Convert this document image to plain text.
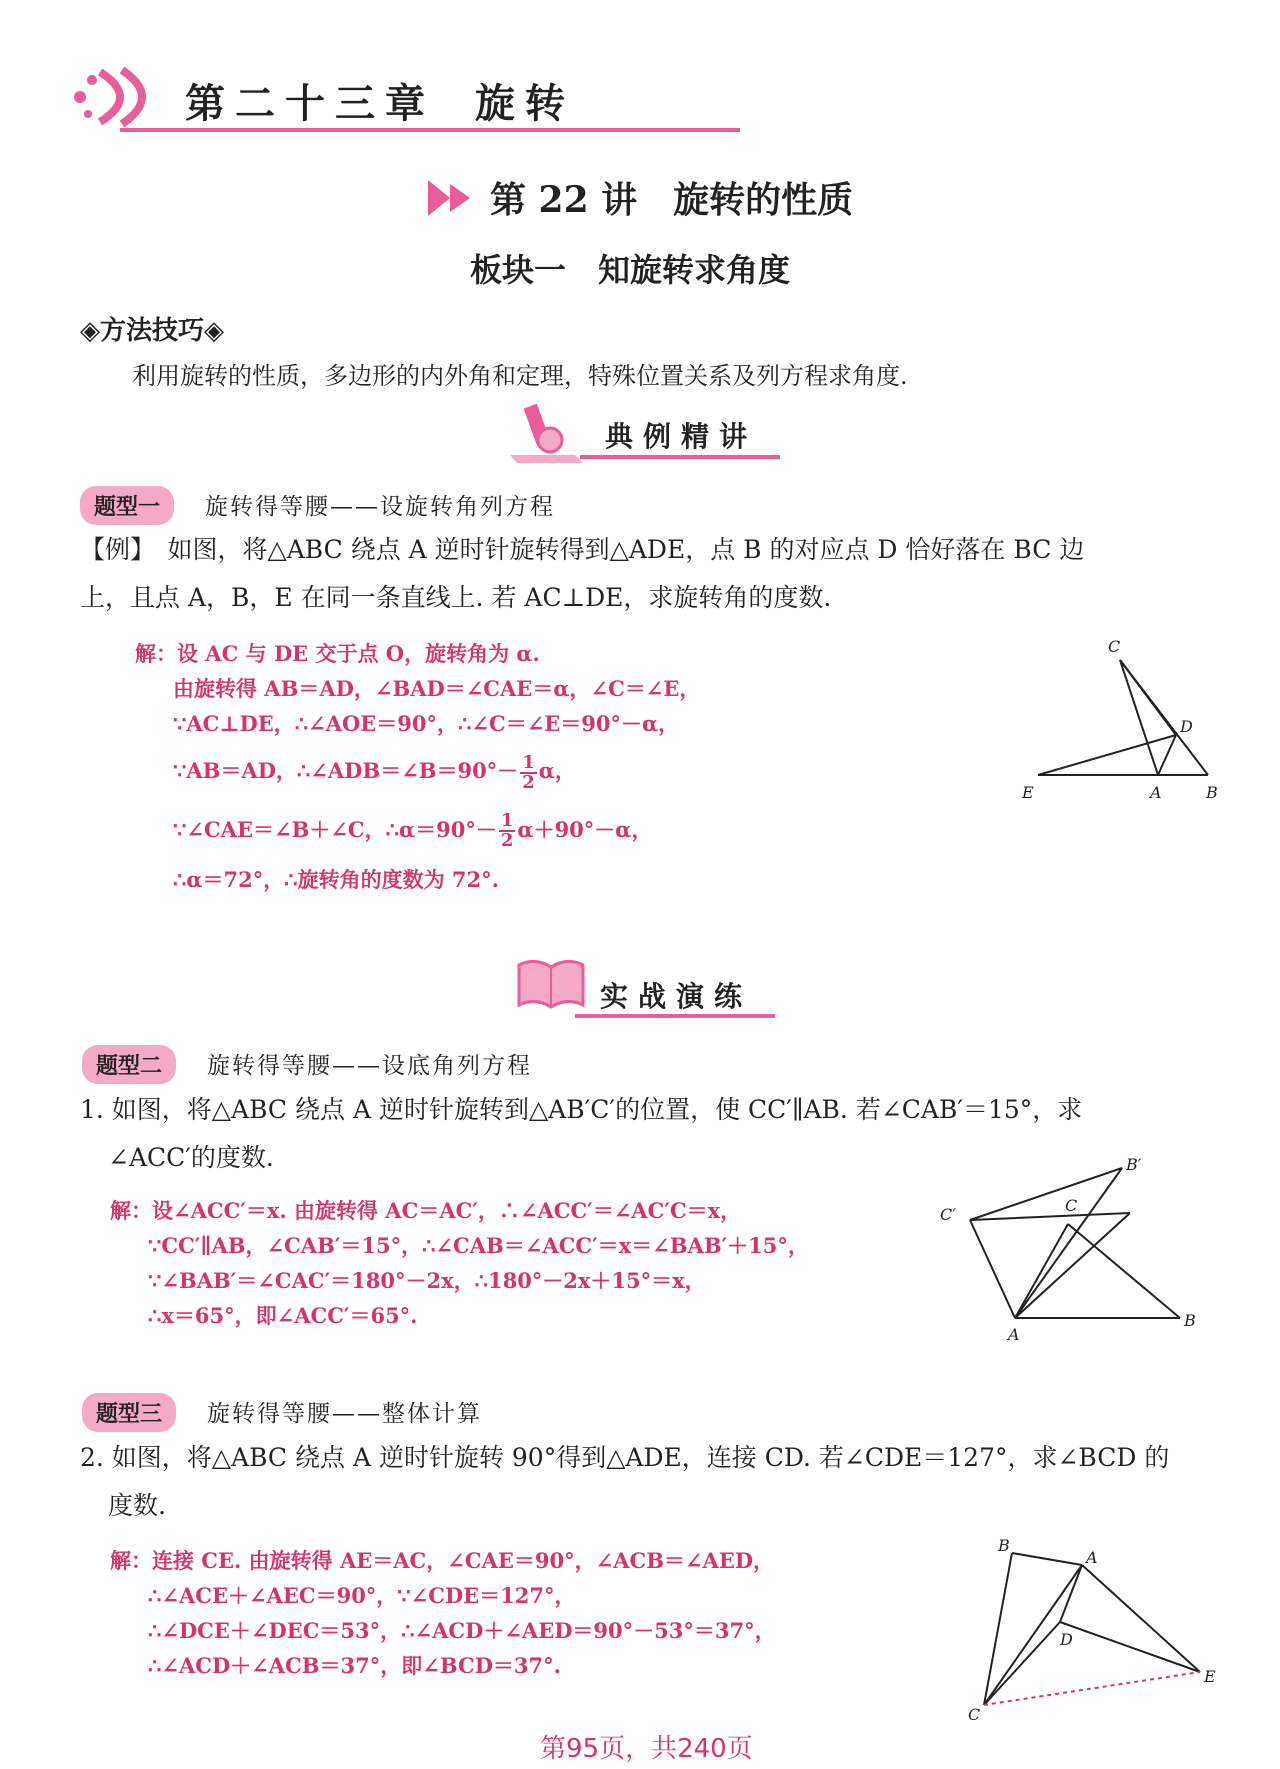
第二十三章 旋转
第 22 讲　旋转的性质
板块一　知旋转求角度
◈方法技巧◈
利用旋转的性质，多边形的内外角和定理，特殊位置关系及列方程求角度.
典例精讲
题型一	旋转得等腰——设旋转角列方程
【例】　如图，将△ABC 绕点 A 逆时针旋转得到△ADE，点 B 的对应点 D 恰好落在 BC 边
上，且点 A，B，E 在同一条直线上. 若 AC⊥DE，求旋转角的度数.
解：设 AC 与 DE 交于点 O，旋转角为 α.
由旋转得 AB＝AD，∠BAD＝∠CAE＝α，∠C＝∠E，
∵AC⊥DE，∴∠AOE＝90°，∴∠C＝∠E＝90°－α，
∵AB＝AD，∴∠ADB＝∠B＝90°－ $\frac{1}{2}$ α，
∵∠CAE＝∠B＋∠C，∴α＝90°－ $\frac{1}{2} \alpha+90^\circ-\alpha$，
∴α＝72°，∴旋转角的度数为 72°.
C
D
E	A	B
实战演练
题型二	旋转得等腰——设底角列方程
1. 如图，将△ABC 绕点 A 逆时针旋转到△AB′C′的位置，使 CC′∥AB. 若∠CAB′＝15°，求
∠ACC′的度数.
解：设∠ACC′＝x. 由旋转得 AC＝AC′，∴∠ACC′＝∠AC′C＝x，
∵CC′∥AB，∠CAB′＝15°，∴∠CAB＝∠ACC′＝x＝∠BAB′＋15°，
∵∠BAB′＝∠CAC′＝180°－2x，∴180°－2x＋15°＝x，
∴x＝65°，即∠ACC′＝65°.
C′	C
B′
A
B
题型三	旋转得等腰——整体计算
2. 如图，将△ABC 绕点 A 逆时针旋转 90°得到△ADE，连接 CD. 若∠CDE＝127°，求∠BCD 的
度数.
解：连接 CE. 由旋转得 AE＝AC，∠CAE＝90°，∠ACB＝∠AED，
∴∠ACE＋∠AEC＝90°，∵∠CDE＝127°，
∴∠DCE＋∠DEC＝53°，∴∠ACD＋∠AED＝90°－53°＝37°，
∴∠ACD＋∠ACB＝37°，即∠BCD＝37°.
B
A
D
E
C
第95页，共240页
